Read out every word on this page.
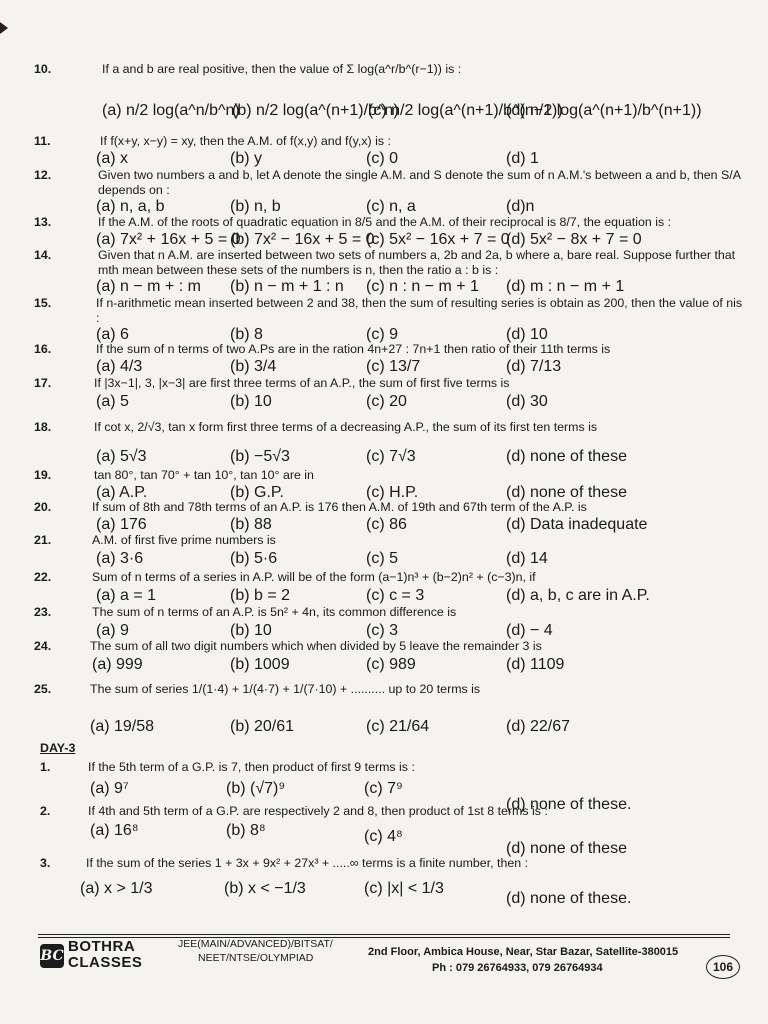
10.	If a and b are real positive, then the value of Σ log(a^r/b^(r−1)) is :
(a) n/2 log(a^n/b^n)
(b) n/2 log(a^(n+1)/b^n)
(c) n/2 log(a^(n+1)/b^(n−1))
(d) n/2 log(a^(n+1)/b^(n+1))
11.	If f(x+y, x−y) = xy, then the A.M. of f(x,y) and f(y,x) is :
(a) x	(b) y	(c) 0	(d) 1
12.	Given two numbers a and b, let A denote the single A.M. and S denote the sum of n A.M.'s between a and b, then S/A depends on :
(a) n, a, b	(b) n, b	(c) n, a	(d)n
13.	If the A.M. of the roots of quadratic equation in 8/5 and the A.M. of their reciprocal is 8/7, the equation is :
(a) 7x² + 16x + 5 = 0
(b) 7x² − 16x + 5 = 0
(c) 5x² − 16x + 7 = 0
(d) 5x² − 8x + 7 = 0
14.	Given that n A.M. are inserted between two sets of numbers a, 2b and 2a, b where a, bare real. Suppose further that mth mean between these sets of the numbers is n, then the ratio a : b is :
(a) n − m + : m (b) n − m + 1 : n (c) n : n − m + 1 (d) m : n − m + 1
15.	If n-arithmetic mean inserted between 2 and 38, then the sum of resulting series is obtain as 200, then the value of nis :
(a) 6	(b) 8	(c) 9	(d) 10
16.	If the sum of n terms of two A.Ps are in the ration 4n+27 : 7n+1 then ratio of their 11th terms is
(a) 4/3	(b) 3/4	(c) 13/7	(d) 7/13
17.	If |3x−1|, 3, |x−3| are first three terms of an A.P., the sum of first five terms is
(a) 5	(b) 10	(c) 20	(d) 30
18.	If cot x, 2/√3, tan x form first three terms of a decreasing A.P., the sum of its first ten terms is
(a) 5√3	(b) −5√3	(c) 7√3	(d) none of these
19.	tan 80°, tan 70° + tan 10°, tan 10° are in
(a) A.P.	(b) G.P.	(c) H.P.	(d) none of these
20.	If sum of 8th and 78th terms of an A.P. is 176 then A.M. of 19th and 67th term of the A.P. is
(a) 176	(b) 88	(c) 86	(d) Data inadequate
21.	A.M. of first five prime numbers is
(a) 3·6	(b) 5·6	(c) 5	(d) 14
22.	Sum of n terms of a series in A.P. will be of the form (a−1)n³ + (b−2)n² + (c−3)n, if
(a) a = 1	(b) b = 2	(c) c = 3	(d) a, b, c are in A.P.
23.	The sum of n terms of an A.P. is 5n² + 4n, its common difference is
(a) 9	(b) 10	(c) 3	(d) − 4
24.	The sum of all two digit numbers which when divided by 5 leave the remainder 3 is
(a) 999	(b) 1009	(c) 989	(d) 1109
25.	The sum of series 1/(1·4) + 1/(4·7) + 1/(7·10) + .......... up to 20 terms is
(a) 19/58	(b) 20/61	(c) 21/64	(d) 22/67
DAY-3
1.	If the 5th term of a G.P. is 7, then product of first 9 terms is :
(a) 9⁷	(b) (√7)⁹	(c) 7⁹
(d) none of these.
2.	If 4th and 5th term of a G.P. are respectively 2 and 8, then product of 1st 8 terms is :
(a) 16⁸	(b) 8⁸	(c) 4⁸
(d) none of these
3.	If the sum of the series 1 + 3x + 9x² + 27x³ + .....∞ terms is a finite number, then :
(a) x > 1/3	(b) x < −1/3	(c) |x| < 1/3
(d) none of these.
BC
BOTHRA
CLASSES
JEE(MAIN/ADVANCED)/BITSAT/
NEET/NTSE/OLYMPIAD	2nd Floor, Ambica House, Near, Star Bazar, Satellite-380015
Ph : 079 26764933, 079 26764934	106
